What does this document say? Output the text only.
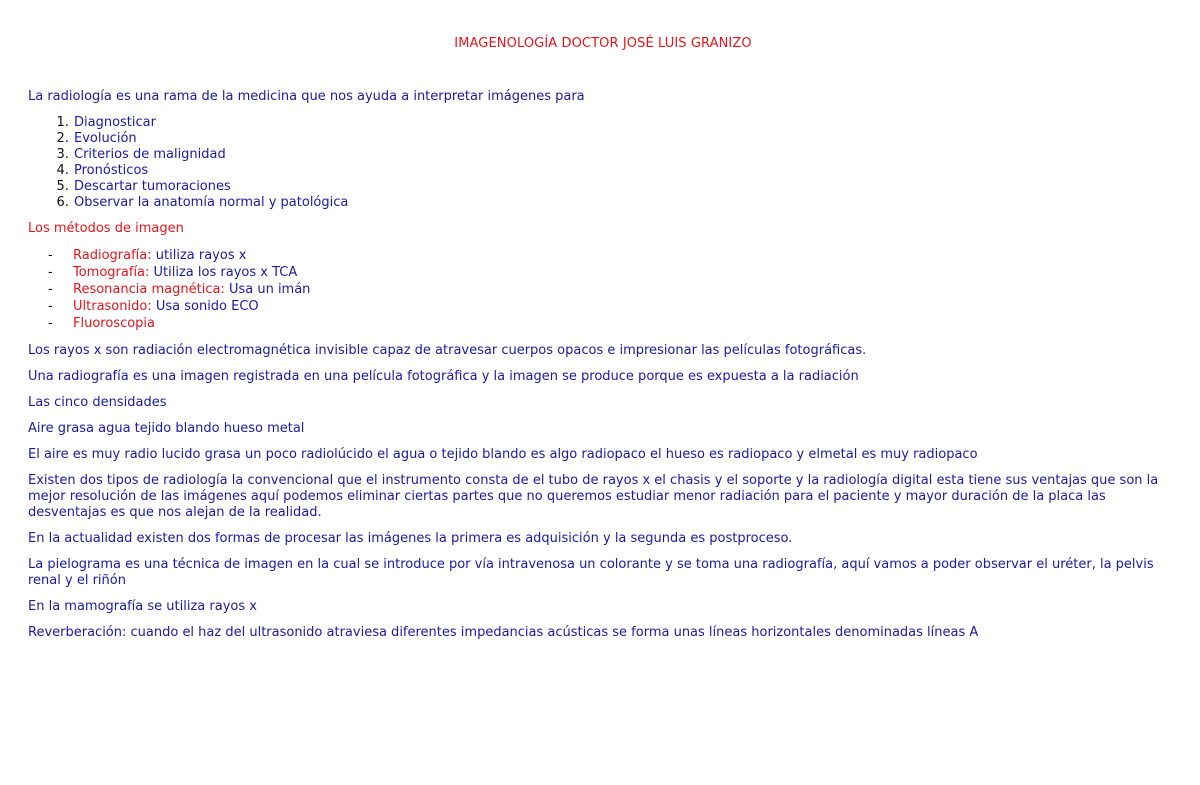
IMAGENOLOGÍA DOCTOR JOSÉ LUIS GRANIZO

La radiología es una rama de la medicina que nos ayuda a interpretar imágenes para

1. Diagnosticar
2. Evolución
3. Criterios de malignidad
4. Pronósticos
5. Descartar tumoraciones
6. Observar la anatomía normal y patológica

Los métodos de imagen

- Radiografía: utiliza rayos x
- Tomografía: Utiliza los rayos x TCA
- Resonancia magnética: Usa un imán
- Ultrasonido: Usa sonido ECO
- Fluoroscopia

Los rayos x son radiación electromagnética invisible capaz de atravesar cuerpos opacos e impresionar las películas fotográficas.

Una radiografía es una imagen registrada en una película fotográfica y la imagen se produce porque es expuesta a la radiación

Las cinco densidades

Aire grasa agua tejido blando hueso metal

El aire es muy radio lucido grasa un poco radiolúcido el agua o tejido blando es algo radiopaco el hueso es radiopaco y elmetal es muy radiopaco

Existen dos tipos de radiología la convencional que el instrumento consta de el tubo de rayos x el chasis y el soporte y la radiología digital esta tiene sus ventajas que son la mejor resolución de las imágenes aquí podemos eliminar ciertas partes que no queremos estudiar menor radiación para el paciente y mayor duración de la placa las desventajas es que nos alejan de la realidad.

En la actualidad existen dos formas de procesar las imágenes la primera es adquisición y la segunda es postproceso.

La pielograma es una técnica de imagen en la cual se introduce por vía intravenosa un colorante y se toma una radiografía, aquí vamos a poder observar el uréter, la pelvis renal y el riñón

En la mamografía se utiliza rayos x

Reverberación: cuando el haz del ultrasonido atraviesa diferentes impedancias acústicas se forma unas líneas horizontales denominadas líneas A
